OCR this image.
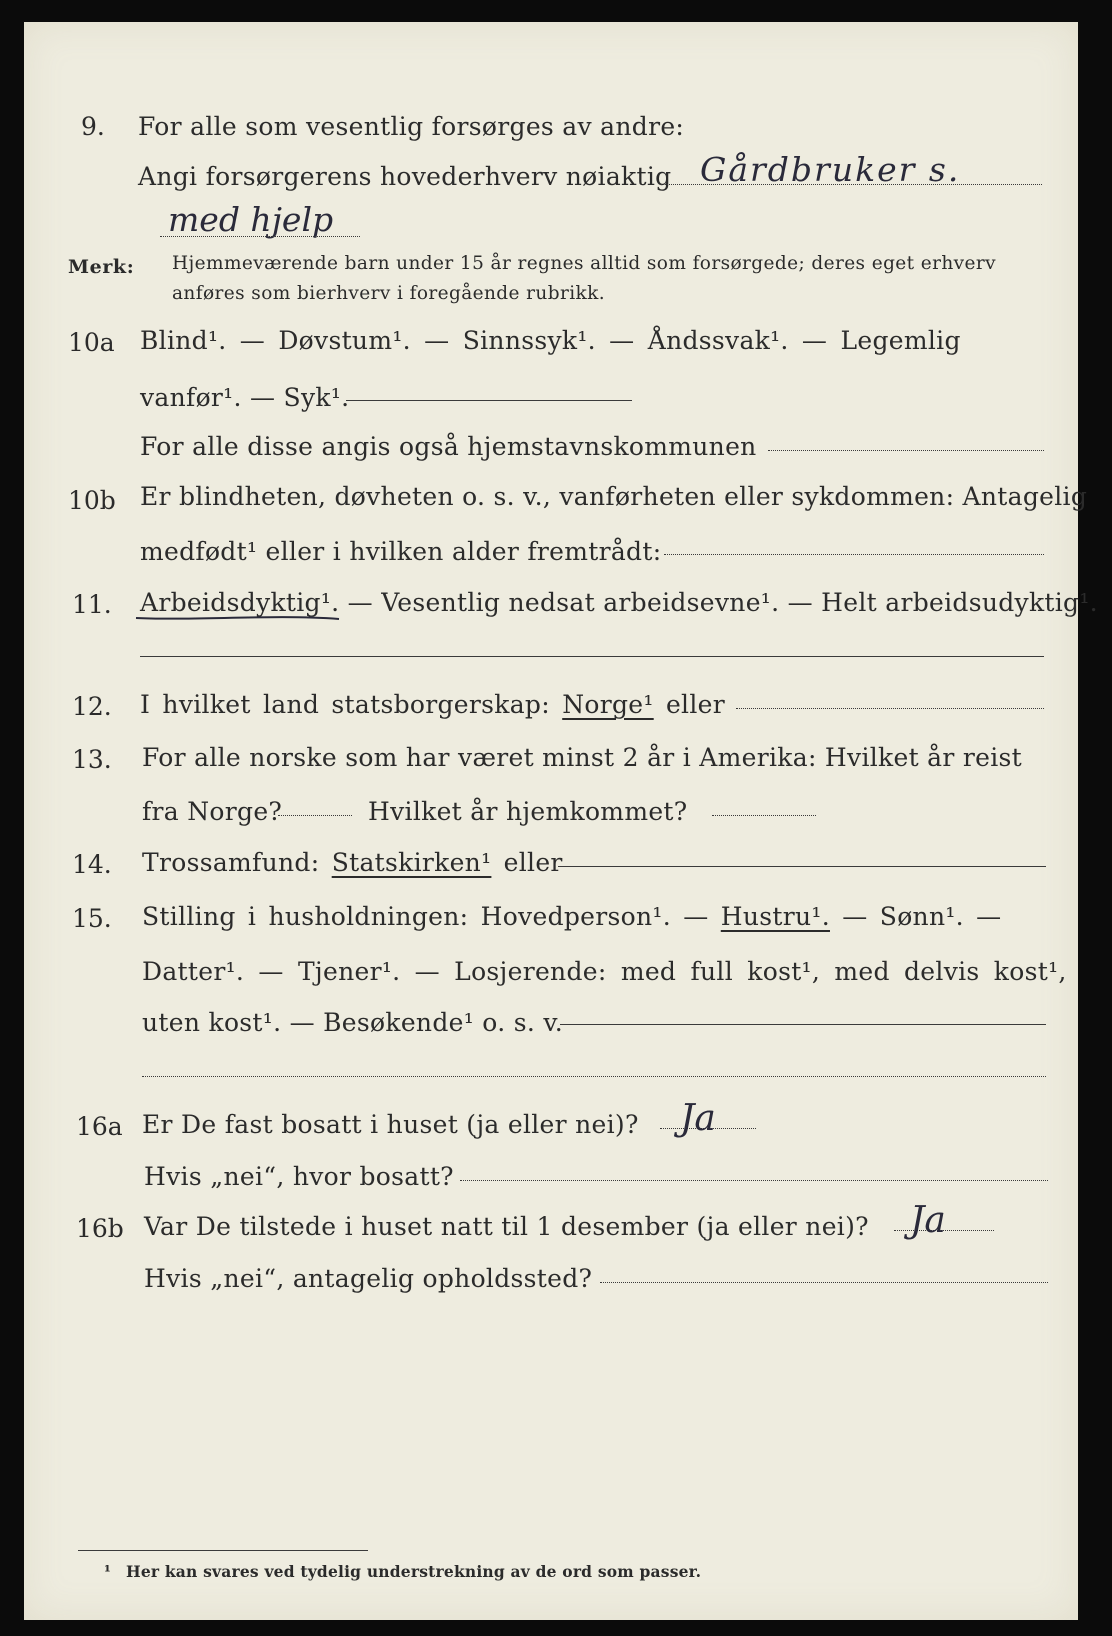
9. For alle som vesentlig forsørges av andre:
Angi forsørgerens hovederhverv nøiaktig Gårdbruker s.
med hjelp
Merk: Hjemmeværende barn under 15 år regnes alltid som forsørgede; deres eget erhverv
anføres som bierhverv i foregående rubrikk.
10a Blind¹. — Døvstum¹. — Sinnssyk¹. — Åndssvak¹. — Legemlig
vanfør¹. — Syk¹.
For alle disse angis også hjemstavnskommunen
10b Er blindheten, døvheten o. s. v., vanførheten eller sykdommen: Antagelig
medfødt¹ eller i hvilken alder fremtrådt:
11. Arbeidsdyktig¹. — Vesentlig nedsat arbeidsevne¹. — Helt arbeidsudyktig¹.
12. I hvilket land statsborgerskap: Norge¹ eller
13. For alle norske som har været minst 2 år i Amerika: Hvilket år reist
fra Norge?	Hvilket år hjemkommet?
14. Trossamfund: Statskirken¹ eller
15. Stilling i husholdningen: Hovedperson¹. — Hustru¹. — Sønn¹. —
Datter¹. — Tjener¹. — Losjerende: med full kost¹, med delvis kost¹,
uten kost¹. — Besøkende¹ o. s. v.
16a Er De fast bosatt i huset (ja eller nei)? Ja
Hvis „nei“, hvor bosatt?
16b Var De tilstede i huset natt til 1 desember (ja eller nei)? Ja
Hvis „nei“, antagelig opholdssted?
¹ Her kan svares ved tydelig understrekning av de ord som passer.
